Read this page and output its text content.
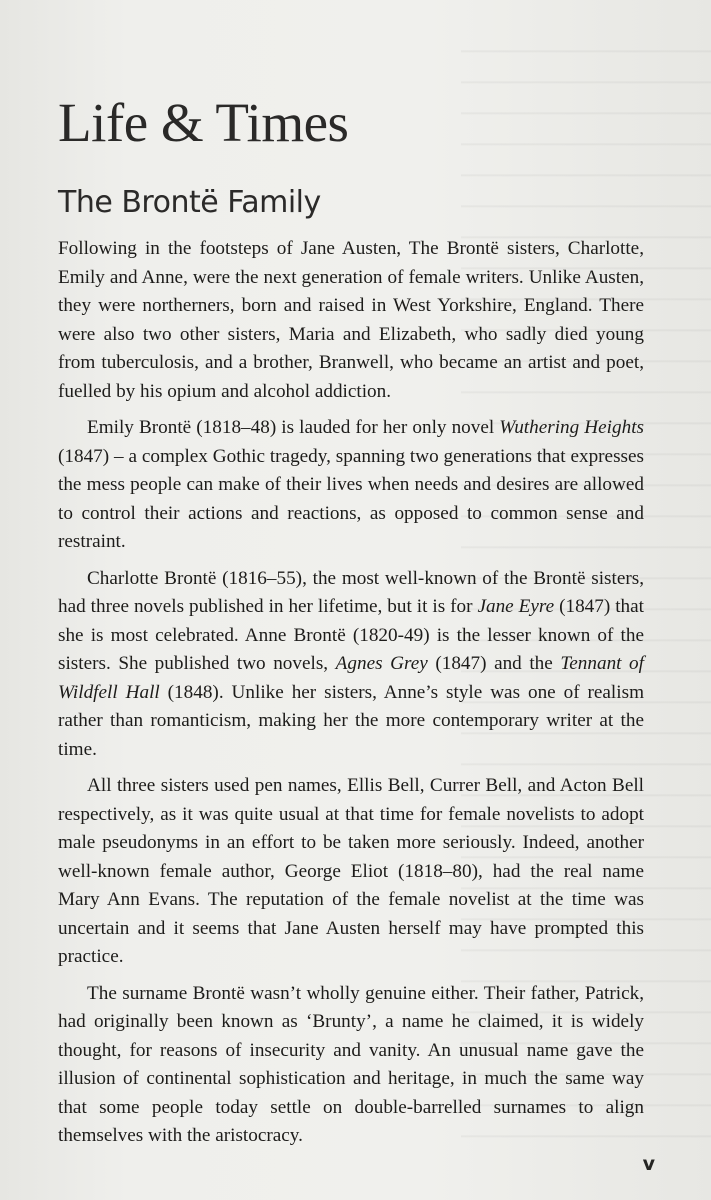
Life & Times
The Brontë Family

Following in the footsteps of Jane Austen, The Brontë sisters, Charlotte, Emily and Anne, were the next generation of female writers. Unlike Austen, they were northerners, born and raised in West Yorkshire, England. There were also two other sisters, Maria and Elizabeth, who sadly died young from tuberculosis, and a brother, Branwell, who became an artist and poet, fuelled by his opium and alcohol addiction.

Emily Brontë (1818–48) is lauded for her only novel Wuthering Heights (1847) – a complex Gothic tragedy, spanning two generations that expresses the mess people can make of their lives when needs and desires are allowed to control their actions and reactions, as opposed to common sense and restraint.

Charlotte Brontë (1816–55), the most well-known of the Brontë sisters, had three novels published in her lifetime, but it is for Jane Eyre (1847) that she is most celebrated. Anne Brontë (1820-49) is the lesser known of the sisters. She published two novels, Agnes Grey (1847) and the Tennant of Wildfell Hall (1848). Unlike her sisters, Anne’s style was one of realism rather than romanticism, making her the more contemporary writer at the time.

All three sisters used pen names, Ellis Bell, Currer Bell, and Acton Bell respectively, as it was quite usual at that time for female novelists to adopt male pseudonyms in an effort to be taken more seriously. Indeed, another well-known female author, George Eliot (1818–80), had the real name Mary Ann Evans. The reputation of the female novelist at the time was uncertain and it seems that Jane Austen herself may have prompted this practice.

The surname Brontë wasn’t wholly genuine either. Their father, Patrick, had originally been known as ‘Brunty’, a name he claimed, it is widely thought, for reasons of insecurity and vanity. An unusual name gave the illusion of continental sophistication and heritage, in much the same way that some people today settle on double-barrelled surnames to align themselves with the aristocracy.

v
